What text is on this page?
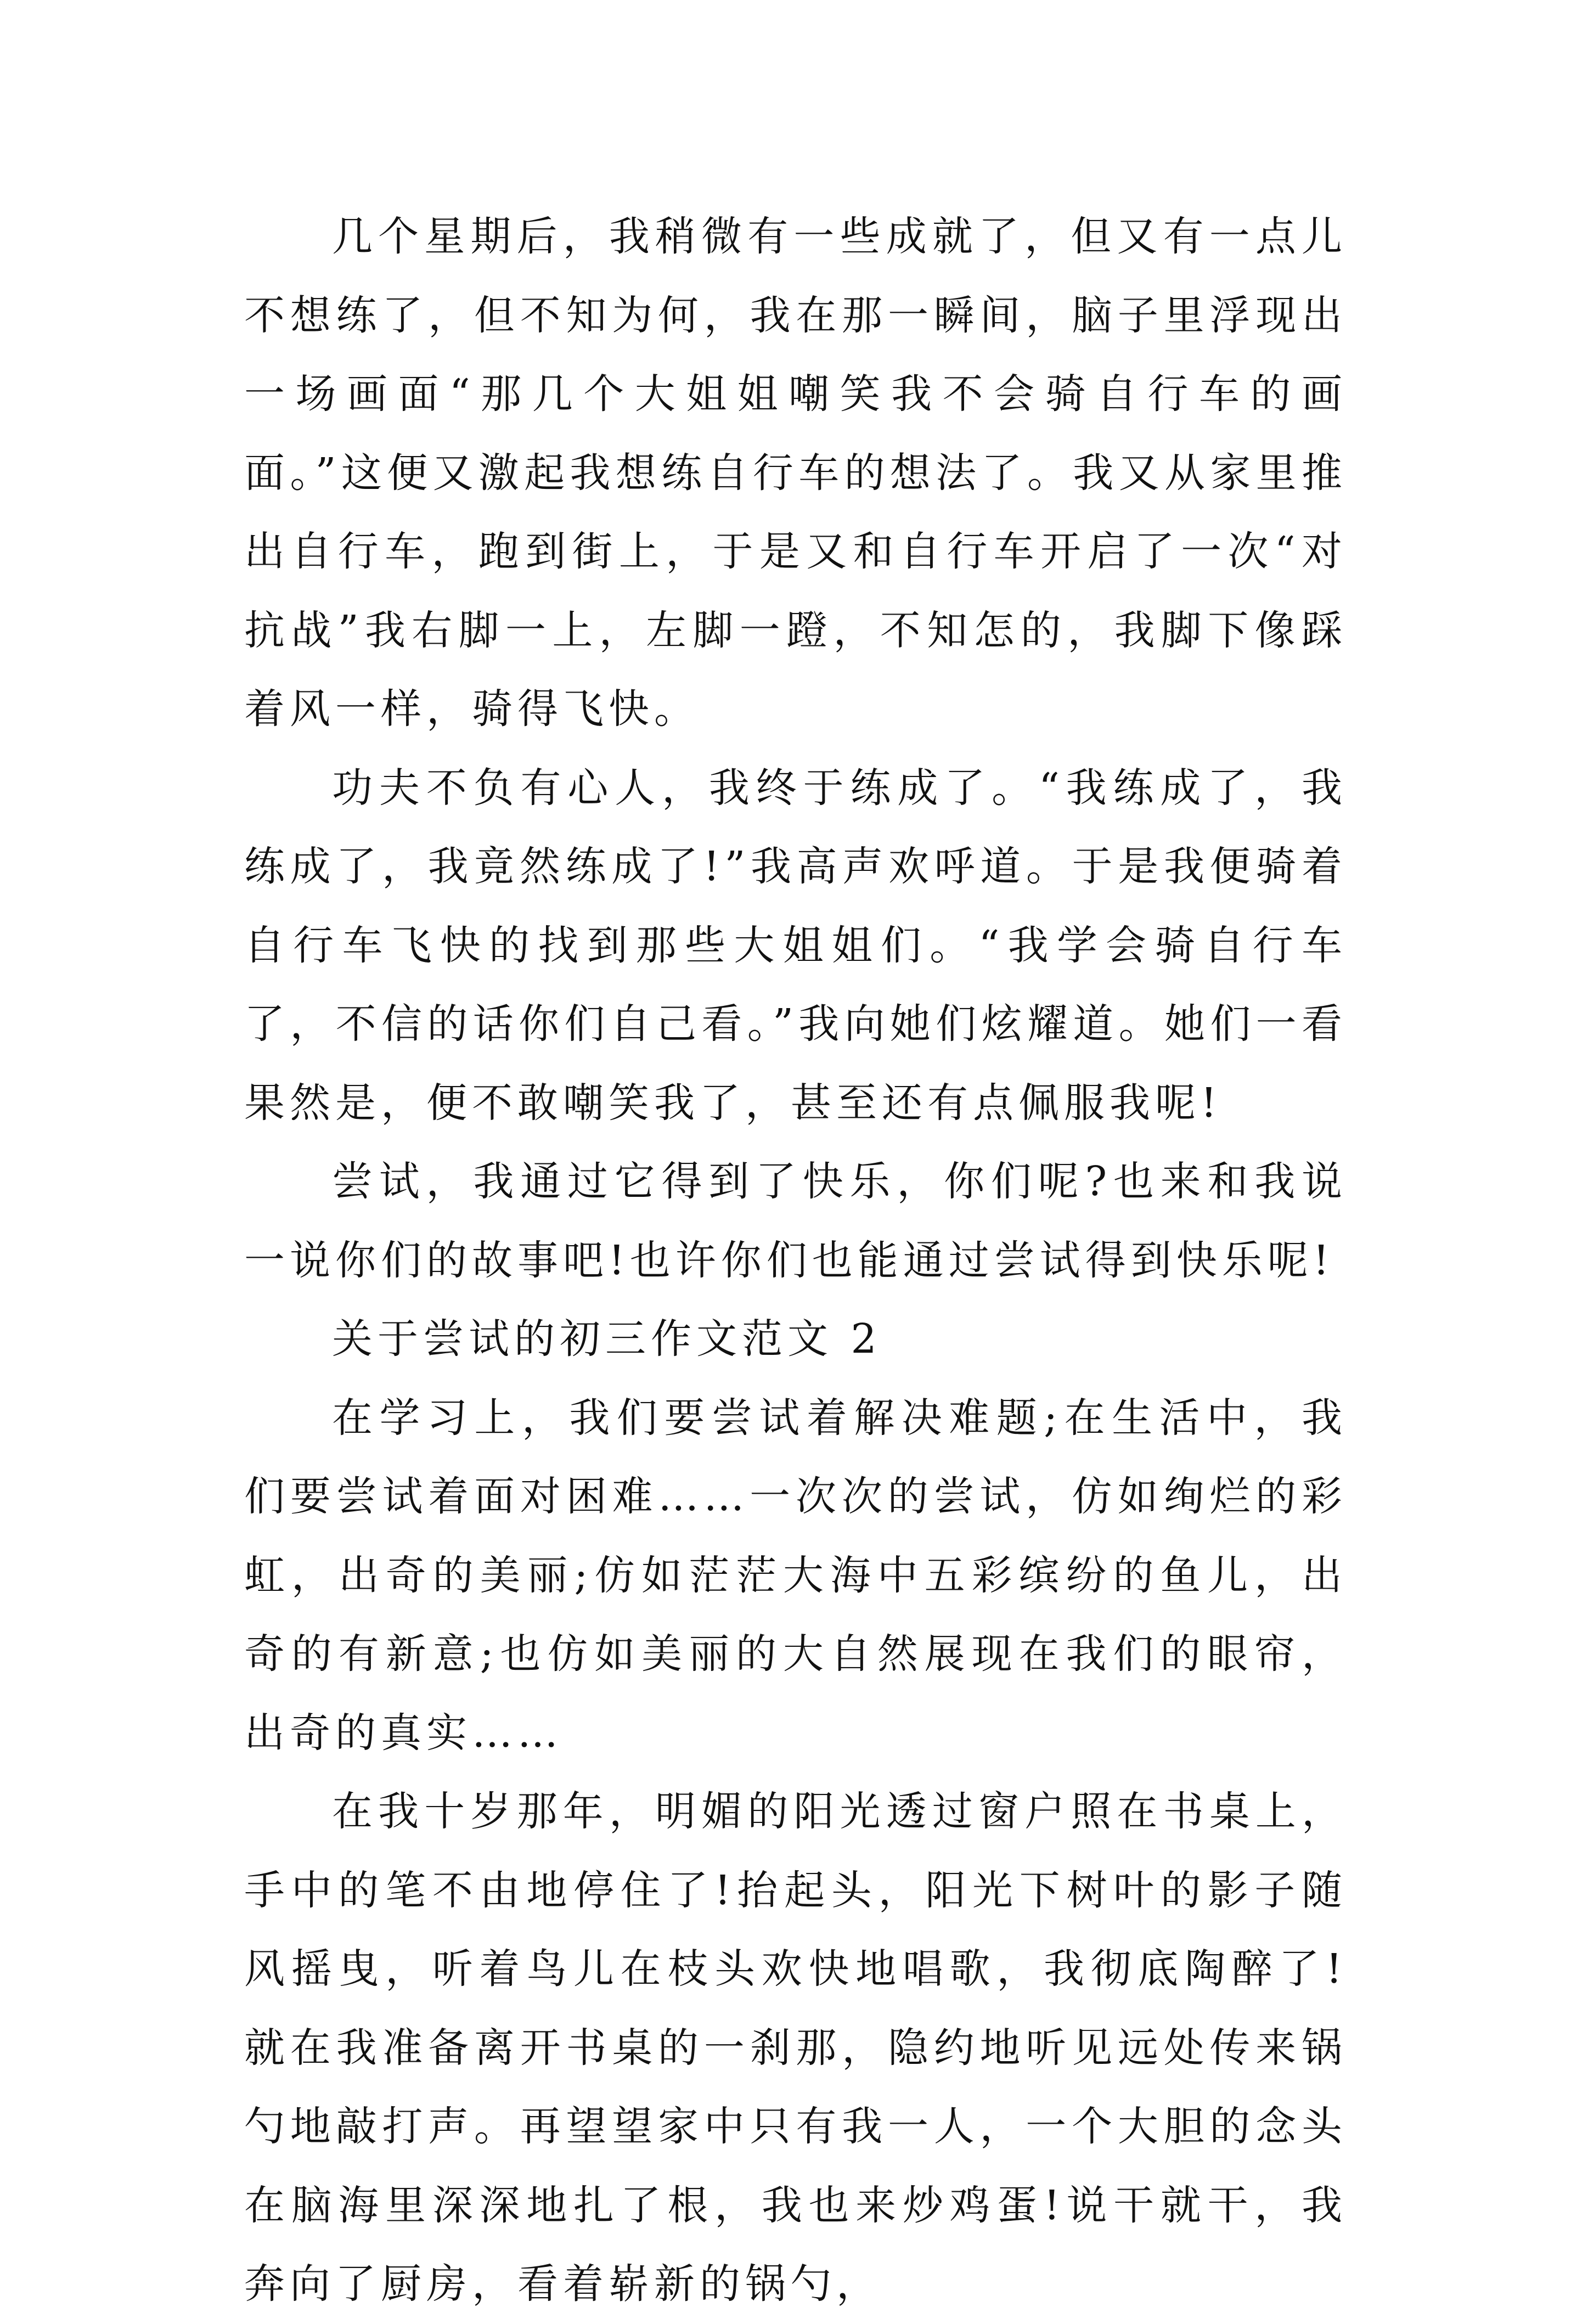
几个星期后，我稍微有一些成就了，但又有一点儿不想练了，但不知为何，我在那一瞬间，脑子里浮现出一场画面“那几个大姐姐嘲笑我不会骑自行车的画面。”这便又激起我想练自行车的想法了。我又从家里推出自行车，跑到街上，于是又和自行车开启了一次“对抗战”我右脚一上，左脚一蹬，不知怎的，我脚下像踩着风一样，骑得飞快。

功夫不负有心人，我终于练成了。“我练成了，我练成了，我竟然练成了!”我高声欢呼道。于是我便骑着自行车飞快的找到那些大姐姐们。“我学会骑自行车了，不信的话你们自己看。”我向她们炫耀道。她们一看果然是，便不敢嘲笑我了，甚至还有点佩服我呢!

尝试，我通过它得到了快乐，你们呢?也来和我说一说你们的故事吧!也许你们也能通过尝试得到快乐呢!

关于尝试的初三作文范文 2

在学习上，我们要尝试着解决难题;在生活中，我们要尝试着面对困难……一次次的尝试，仿如绚烂的彩虹，出奇的美丽;仿如茫茫大海中五彩缤纷的鱼儿，出奇的有新意;也仿如美丽的大自然展现在我们的眼帘，出奇的真实……

在我十岁那年，明媚的阳光透过窗户照在书桌上，手中的笔不由地停住了!抬起头，阳光下树叶的影子随风摇曳，听着鸟儿在枝头欢快地唱歌，我彻底陶醉了!就在我准备离开书桌的一刹那，隐约地听见远处传来锅勺地敲打声。再望望家中只有我一人，一个大胆的念头在脑海里深深地扎了根，我也来炒鸡蛋!说干就干，我奔向了厨房，看着崭新的锅勺，
